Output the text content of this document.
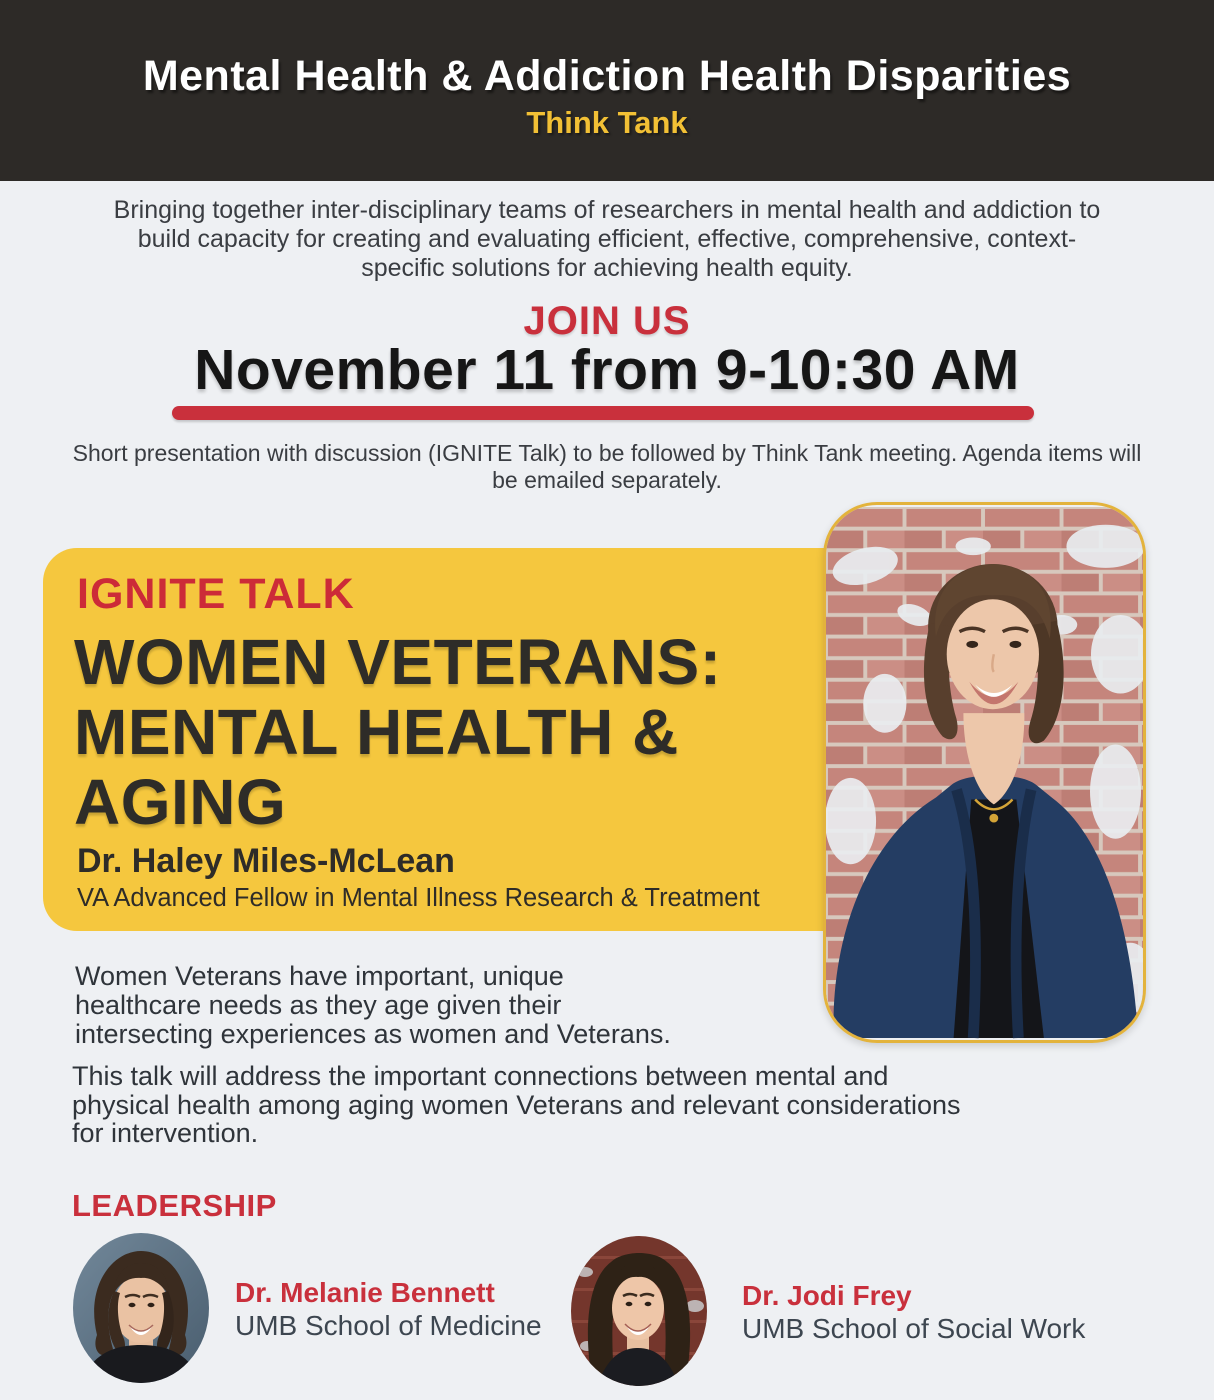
Mental Health & Addiction Health Disparities
Think Tank
Bringing together inter-disciplinary teams of researchers in mental health and addiction to
build capacity for creating and evaluating efficient, effective, comprehensive, context-
specific solutions for achieving health equity.
JOIN US
November 11 from 9-10:30 AM
Short presentation with discussion (IGNITE Talk) to be followed by Think Tank meeting. Agenda items will
be emailed separately.
IGNITE TALK
WOMEN VETERANS:
MENTAL HEALTH &
AGING
Dr. Haley Miles-McLean
VA Advanced Fellow in Mental Illness Research & Treatment
Women Veterans have important, unique
healthcare needs as they age given their
intersecting experiences as women and Veterans.
This talk will address the important connections between mental and
physical health among aging women Veterans and relevant considerations
for intervention.
LEADERSHIP
Dr. Melanie Bennett
UMB School of Medicine
Dr. Jodi Frey
UMB School of Social Work
